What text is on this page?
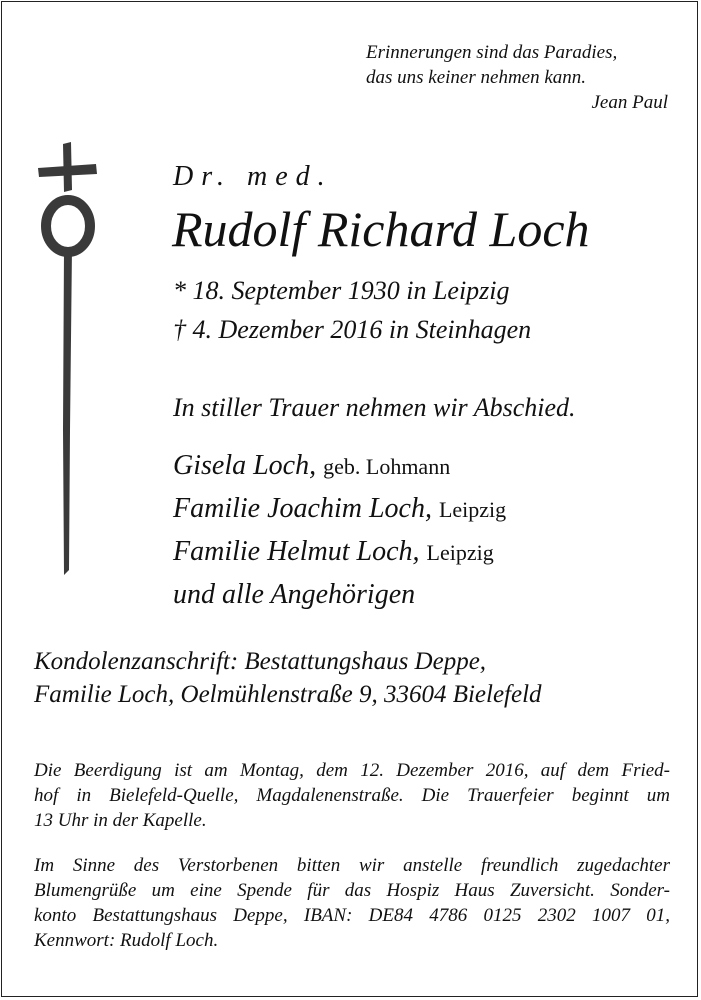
Erinnerungen sind das Paradies,
das uns keiner nehmen kann.
Jean Paul
Dr. med.
Rudolf Richard Loch
* 18. September 1930 in Leipzig
† 4. Dezember 2016 in Steinhagen
In stiller Trauer nehmen wir Abschied.
Gisela Loch, geb. Lohmann
Familie Joachim Loch, Leipzig
Familie Helmut Loch, Leipzig
und alle Angehörigen
Kondolenzanschrift: Bestattungshaus Deppe,
Familie Loch, Oelmühlenstraße 9, 33604 Bielefeld
Die Beerdigung ist am Montag, dem 12. Dezember 2016, auf dem Fried-
hof in Bielefeld-Quelle, Magdalenenstraße. Die Trauerfeier beginnt um
13 Uhr in der Kapelle.
Im Sinne des Verstorbenen bitten wir anstelle freundlich zugedachter
Blumengrüße um eine Spende für das Hospiz Haus Zuversicht. Sonder-
konto Bestattungshaus Deppe, IBAN: DE84 4786 0125 2302 1007 01,
Kennwort: Rudolf Loch.
